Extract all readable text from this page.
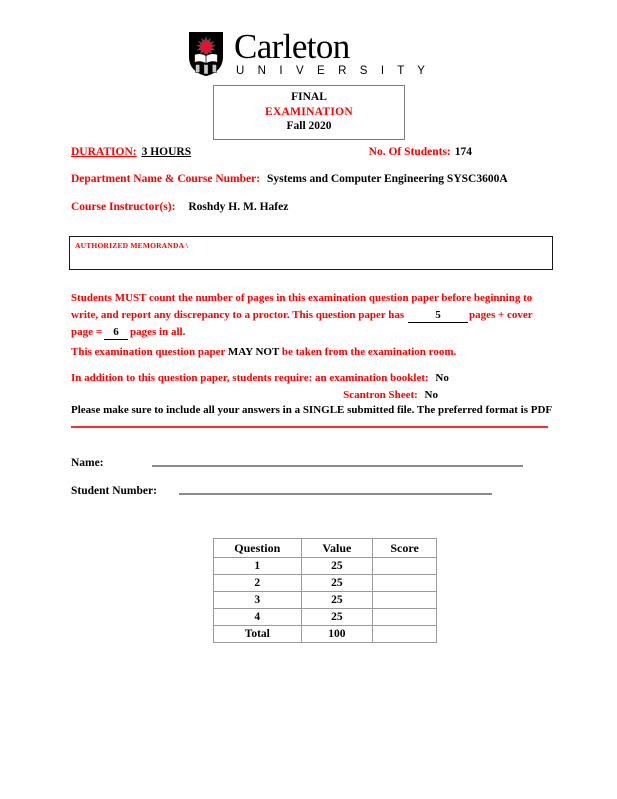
Carleton
U N I V E R S I T Y
FINAL
EXAMINATION
Fall 2020
DURATION: 3 HOURS	No. Of Students: 174
Department Name & Course Number: Systems and Computer Engineering SYSC3600A
Course Instructor(s): Roshdy H. M. Hafez
AUTHORIZED MEMORANDA \
Students MUST count the number of pages in this examination question paper before beginning to write, and report any discrepancy to a proctor. This question paper has	5	pages + cover page = 6 pages in all.
This examination question paper MAY NOT be taken from the examination room.
In addition to this question paper, students require: an examination booklet: No
Scantron Sheet: No
Please make sure to include all your answers in a SINGLE submitted file. The preferred format is PDF
Name:
Student Number:
Question	Value	Score
1	25	
2	25	
3	25	
4	25	
Total	100	
